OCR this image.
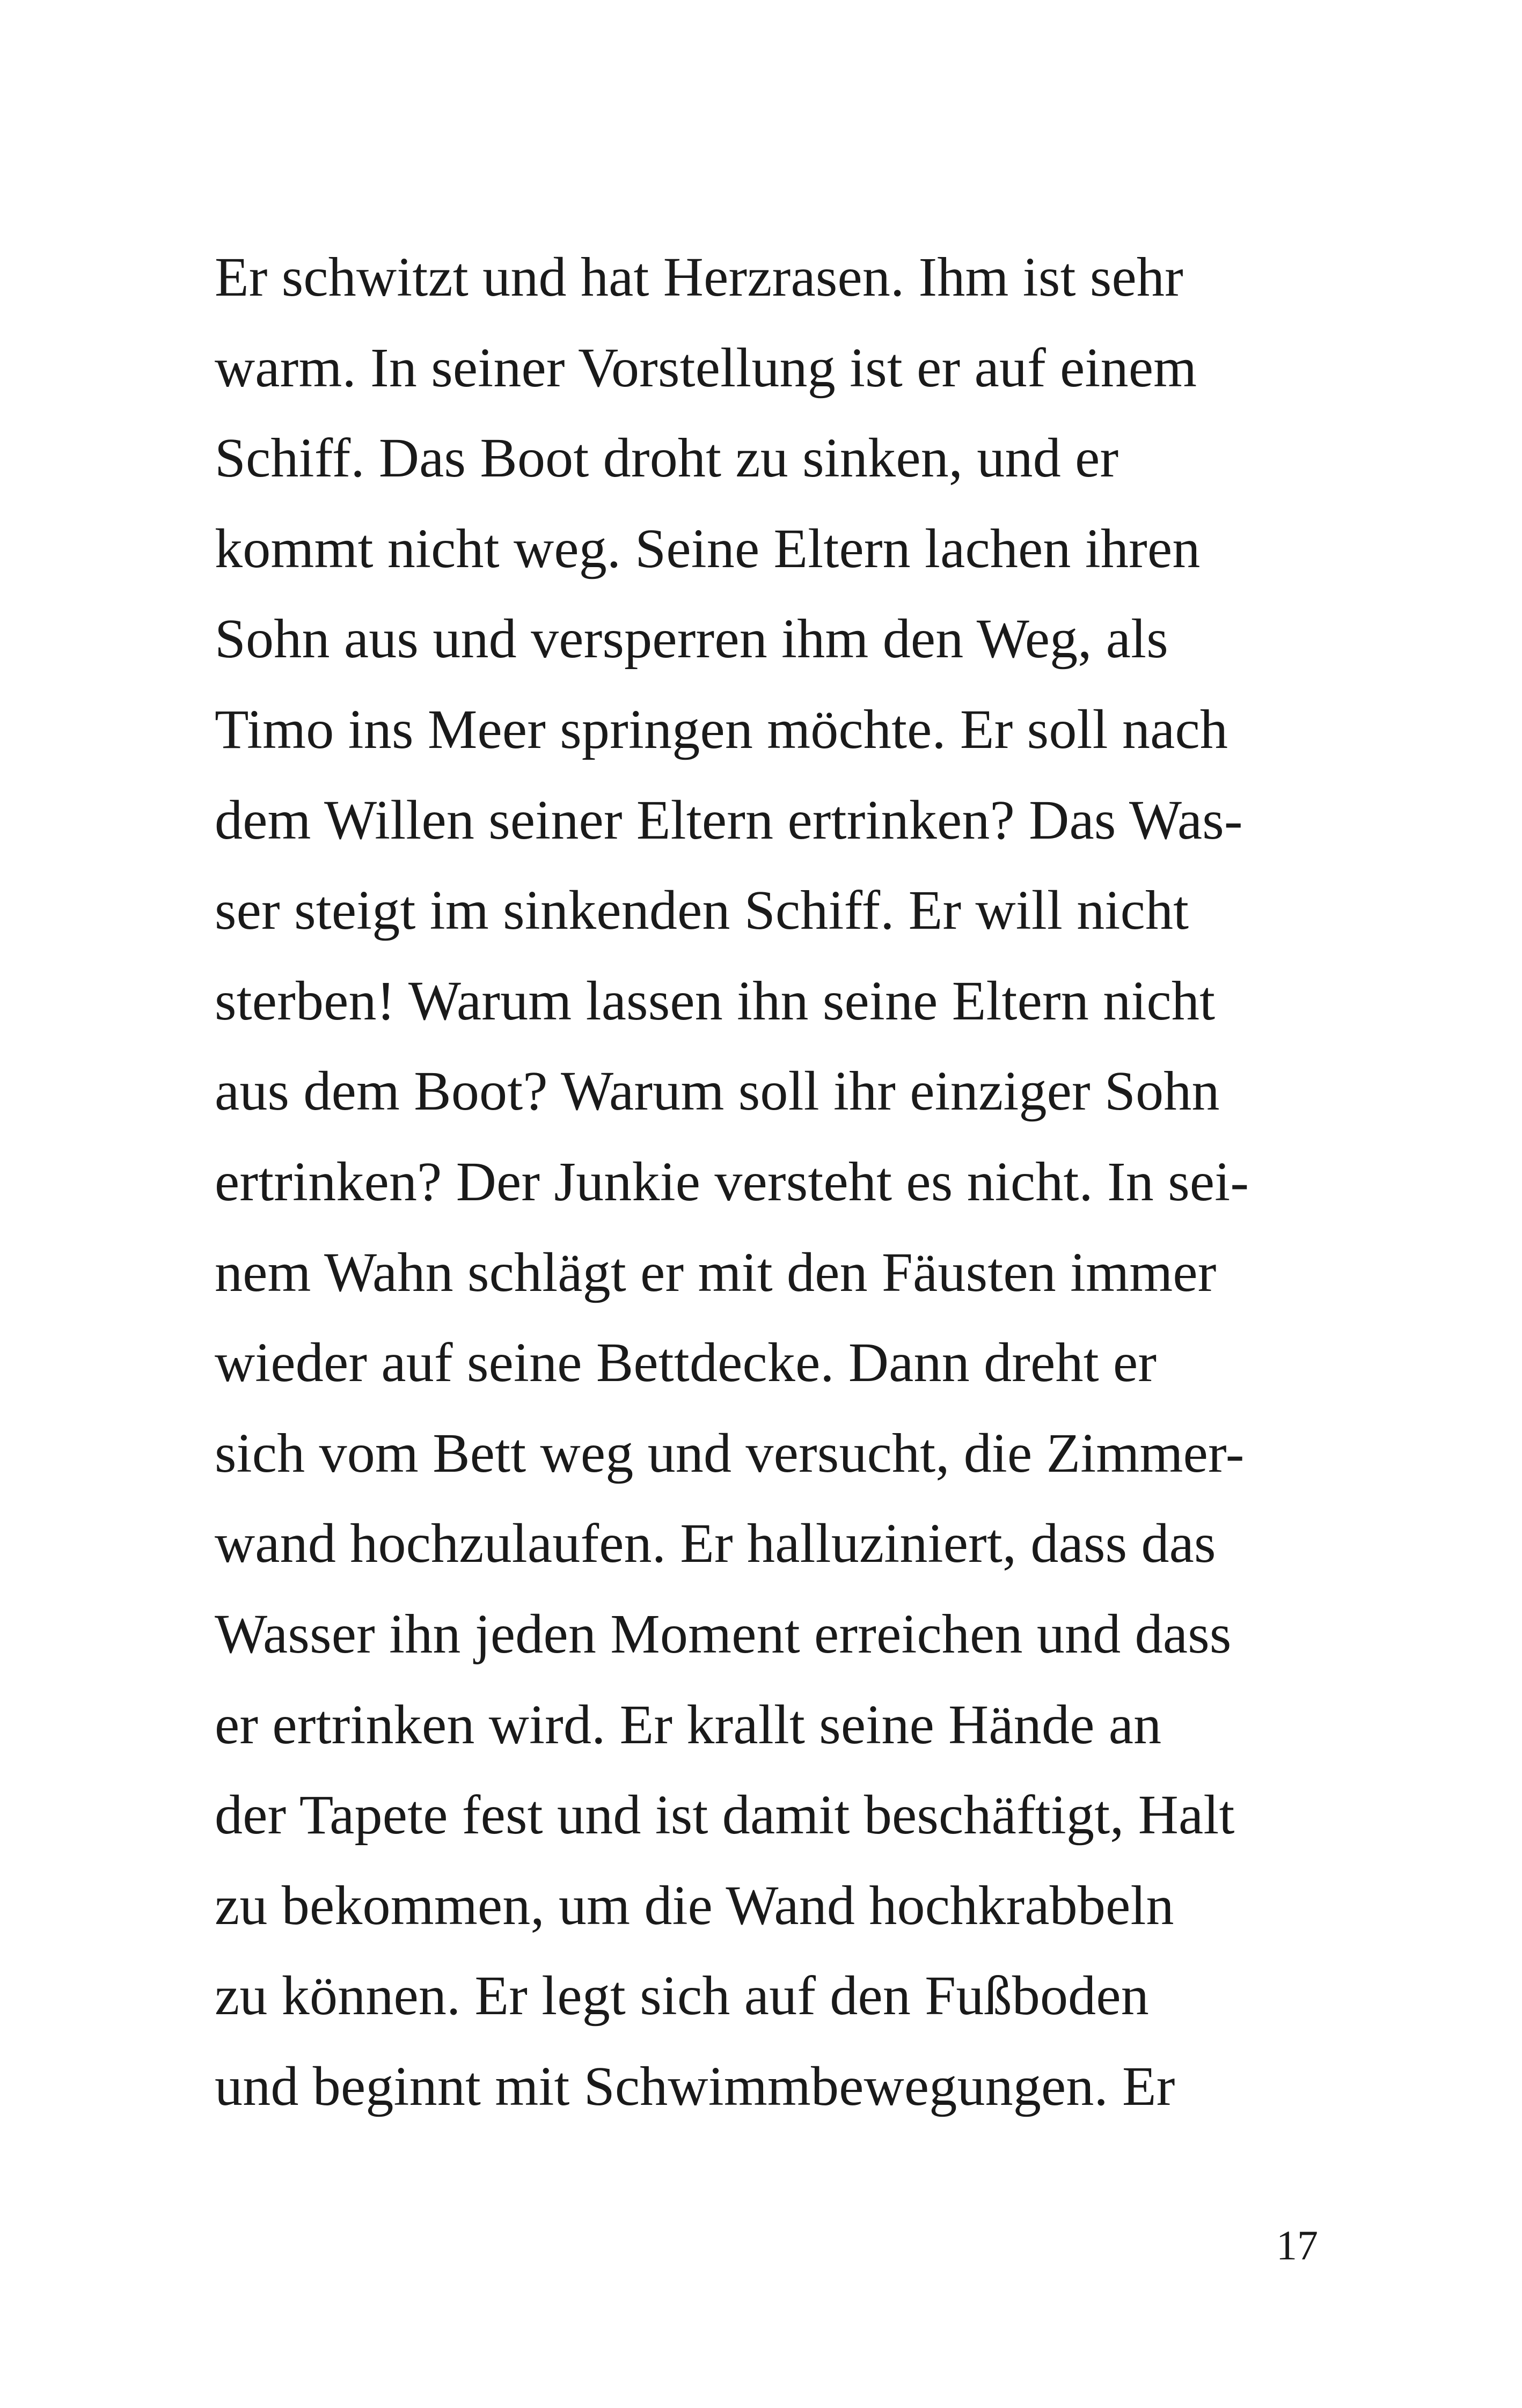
Er schwitzt und hat Herzrasen. Ihm ist sehr
warm. In seiner Vorstellung ist er auf einem
Schiff. Das Boot droht zu sinken, und er
kommt nicht weg. Seine Eltern lachen ihren
Sohn aus und versperren ihm den Weg, als
Timo ins Meer springen möchte. Er soll nach
dem Willen seiner Eltern ertrinken? Das Was-
ser steigt im sinkenden Schiff. Er will nicht
sterben! Warum lassen ihn seine Eltern nicht
aus dem Boot? Warum soll ihr einziger Sohn
ertrinken? Der Junkie versteht es nicht. In sei-
nem Wahn schlägt er mit den Fäusten immer
wieder auf seine Bettdecke. Dann dreht er
sich vom Bett weg und versucht, die Zimmer-
wand hochzulaufen. Er halluziniert, dass das
Wasser ihn jeden Moment erreichen und dass
er ertrinken wird. Er krallt seine Hände an
der Tapete fest und ist damit beschäftigt, Halt
zu bekommen, um die Wand hochkrabbeln
zu können. Er legt sich auf den Fußboden
und beginnt mit Schwimmbewegungen. Er
17
